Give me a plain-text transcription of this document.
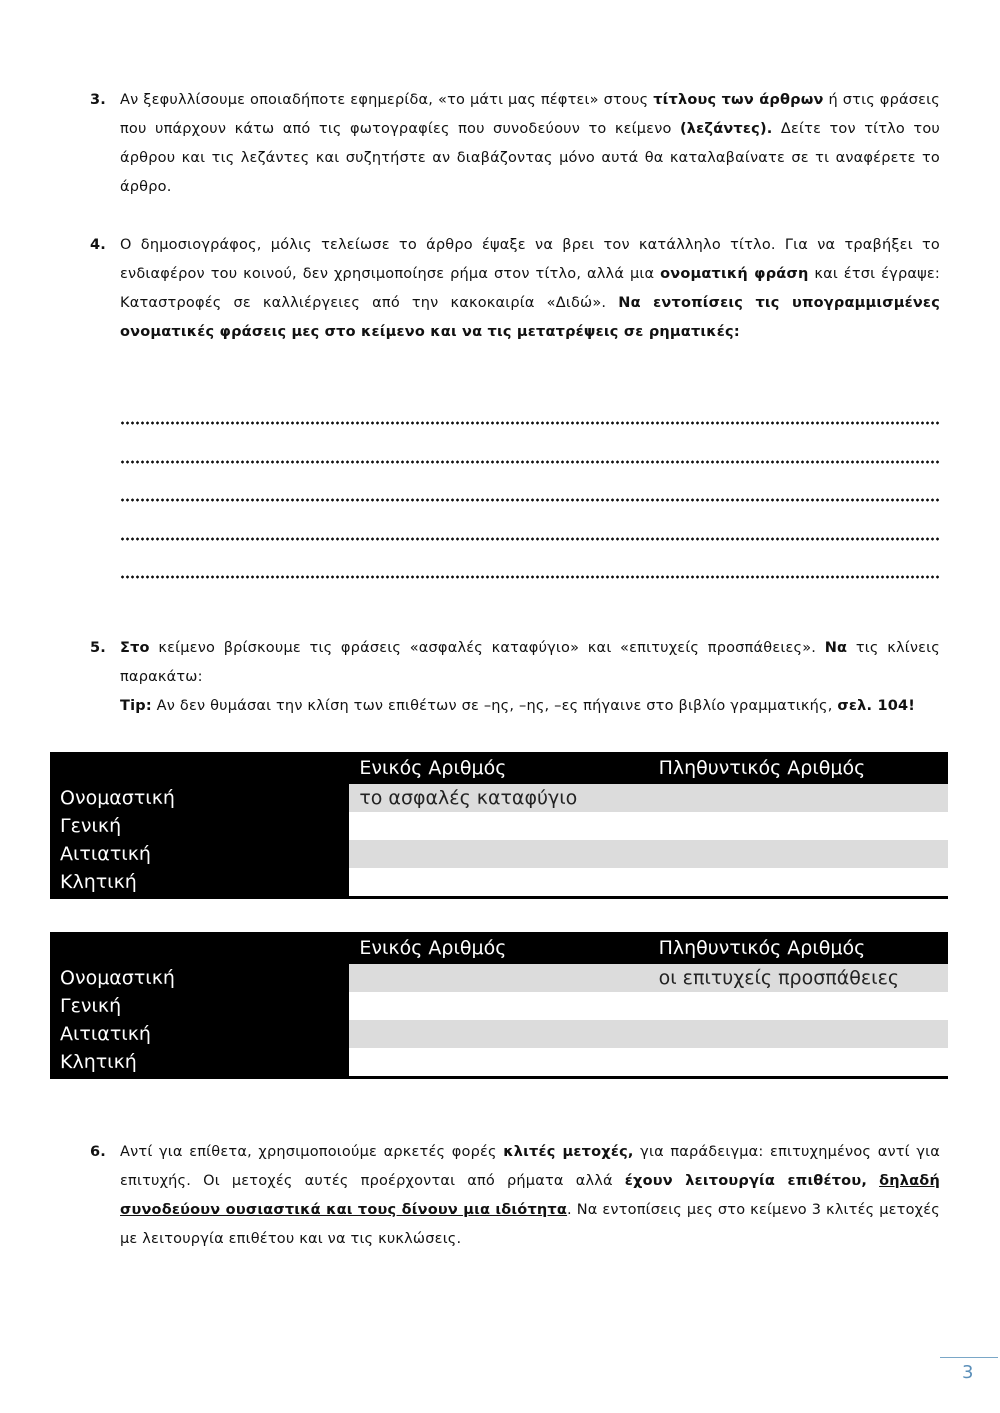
3. Αν ξεφυλλίσουμε οποιαδήποτε εφημερίδα, «το μάτι μας πέφτει» στους τίτλους των άρθρων ή στις φράσεις που υπάρχουν κάτω από τις φωτογραφίες που συνοδεύουν το κείμενο (λεζάντες). Δείτε τον τίτλο του άρθρου και τις λεζάντες και συζητήστε αν διαβάζοντας μόνο αυτά θα καταλαβαίνατε σε τι αναφέρετε το άρθρο.
4. Ο δημοσιογράφος, μόλις τελείωσε το άρθρο έψαξε να βρει τον κατάλληλο τίτλο. Για να τραβήξει το ενδιαφέρον του κοινού, δεν χρησιμοποίησε ρήμα στον τίτλο, αλλά μια ονοματική φράση και έτσι έγραψε: Καταστροφές σε καλλιέργειες από την κακοκαιρία «Διδώ». Να εντοπίσεις τις υπογραμμισμένες ονοματικές φράσεις μες στο κείμενο και να τις μετατρέψεις σε ρηματικές:
5. Στο κείμενο βρίσκουμε τις φράσεις «ασφαλές καταφύγιο» και «επιτυχείς προσπάθειες». Να τις κλίνεις παρακάτω:
Tip: Αν δεν θυμάσαι την κλίση των επιθέτων σε –ης, –ης, –ες πήγαινε στο βιβλίο γραμματικής, σελ. 104!
	Ενικός Αριθμός	Πληθυντικός Αριθμός
Ονομαστική	το ασφαλές καταφύγιο	
Γενική		
Αιτιατική		
Κλητική		
	Ενικός Αριθμός	Πληθυντικός Αριθμός
Ονομαστική		οι επιτυχείς προσπάθειες
Γενική		
Αιτιατική		
Κλητική		
6. Αντί για επίθετα, χρησιμοποιούμε αρκετές φορές κλιτές μετοχές, για παράδειγμα: επιτυχημένος αντί για επιτυχής. Οι μετοχές αυτές προέρχονται από ρήματα αλλά έχουν λειτουργία επιθέτου, δηλαδή συνοδεύουν ουσιαστικά και τους δίνουν μια ιδιότητα. Να εντοπίσεις μες στο κείμενο 3 κλιτές μετοχές με λειτουργία επιθέτου και να τις κυκλώσεις.
3
